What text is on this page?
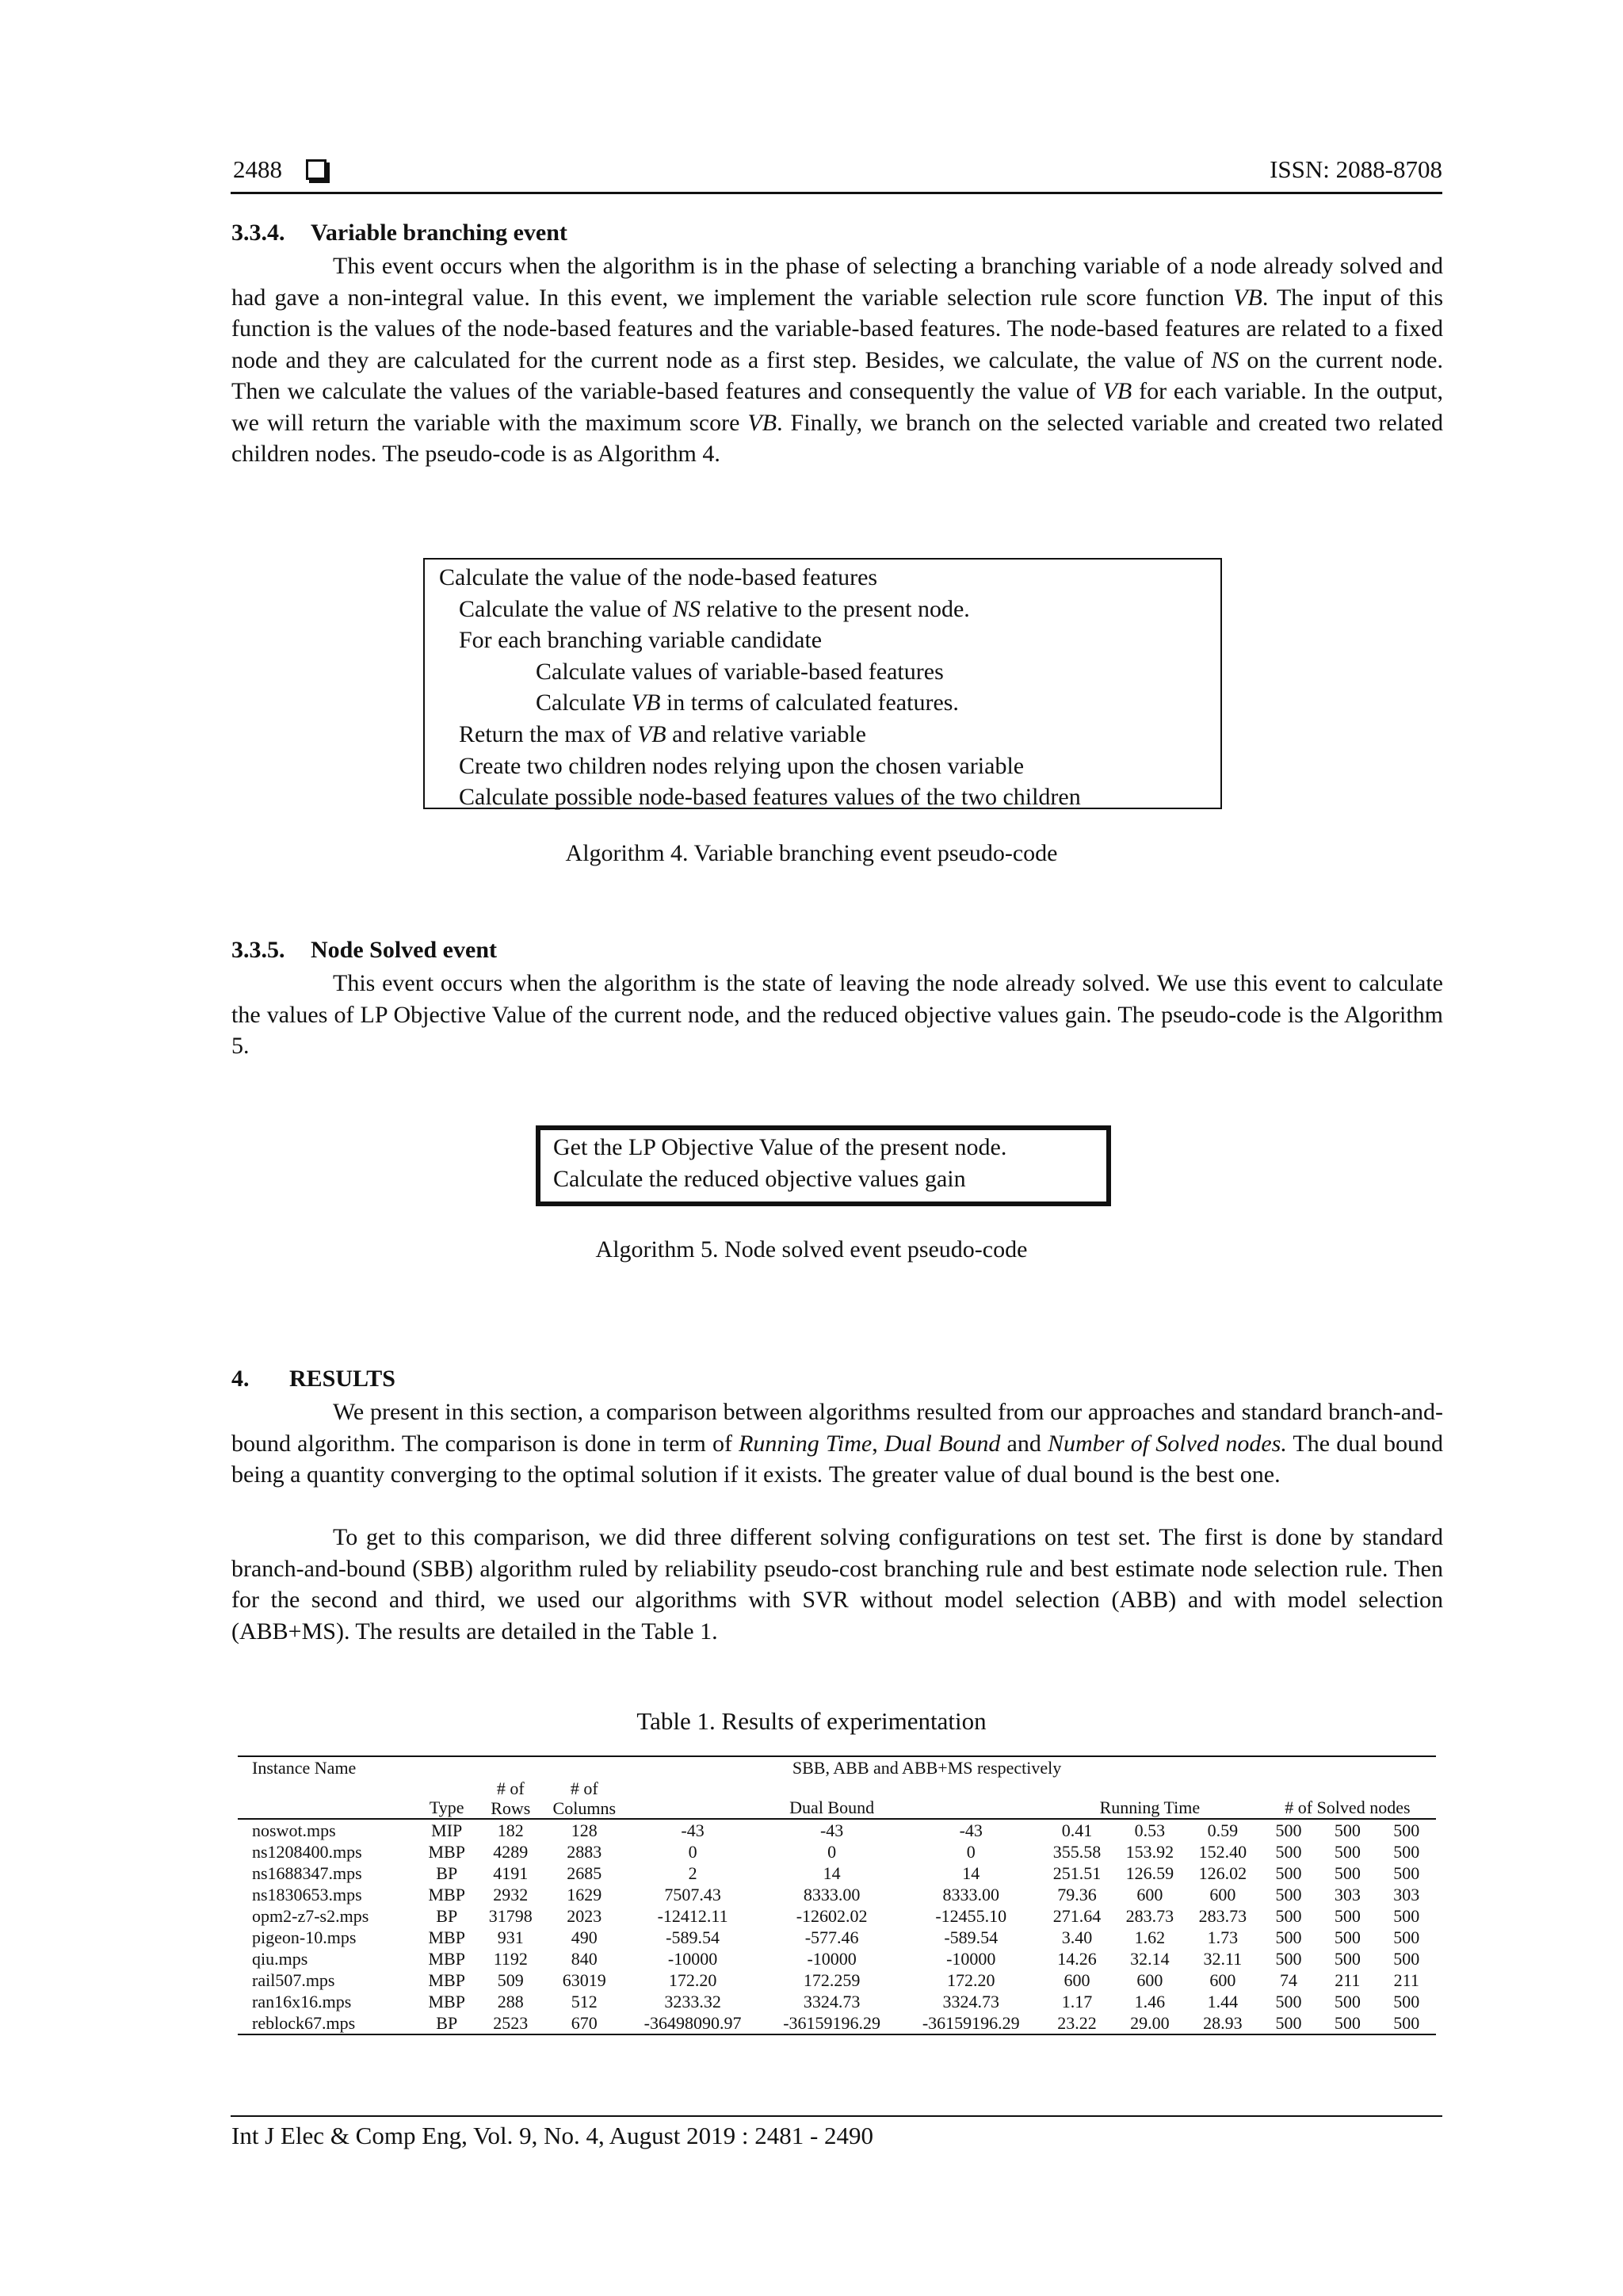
2488	ISSN: 2088-8708
3.3.4. Variable branching event
This event occurs when the algorithm is in the phase of selecting a branching variable of a node already solved and had gave a non-integral value. In this event, we implement the variable selection rule score function VB. The input of this function is the values of the node-based features and the variable-based features. The node-based features are related to a fixed node and they are calculated for the current node as a first step. Besides, we calculate, the value of NS on the current node. Then we calculate the values of the variable-based features and consequently the value of VB for each variable. In the output, we will return the variable with the maximum score VB. Finally, we branch on the selected variable and created two related children nodes. The pseudo-code is as Algorithm 4.
Calculate the value of the node-based features
Calculate the value of NS relative to the present node.
For each branching variable candidate
Calculate values of variable-based features
Calculate VB in terms of calculated features.
Return the max of VB and relative variable
Create two children nodes relying upon the chosen variable
Calculate possible node-based features values of the two children
Algorithm 4. Variable branching event pseudo-code
3.3.5. Node Solved event
This event occurs when the algorithm is the state of leaving the node already solved. We use this event to calculate the values of LP Objective Value of the current node, and the reduced objective values gain. The pseudo-code is the Algorithm 5.
Get the LP Objective Value of the present node.
Calculate the reduced objective values gain
Algorithm 5. Node solved event pseudo-code
4. RESULTS
We present in this section, a comparison between algorithms resulted from our approaches and standard branch-and-bound algorithm. The comparison is done in term of Running Time, Dual Bound and Number of Solved nodes. The dual bound being a quantity converging to the optimal solution if it exists. The greater value of dual bound is the best one.
To get to this comparison, we did three different solving configurations on test set. The first is done by standard branch-and-bound (SBB) algorithm ruled by reliability pseudo-cost branching rule and best estimate node selection rule. Then for the second and third, we used our algorithms with SVR without model selection (ABB) and with model selection (ABB+MS). The results are detailed in the Table 1.
Table 1. Results of experimentation
Instance Name	SBB, ABB and ABB+MS respectively											
	Type	# of Rows	# of Columns	Dual Bound			Running Time			# of Solved nodes		
noswot.mps	MIP	182	128	-43	-43	-43	0.41	0.53	0.59	500	500	500
ns1208400.mps	MBP	4289	2883	0	0	0	355.58	153.92	152.40	500	500	500
ns1688347.mps	BP	4191	2685	2	14	14	251.51	126.59	126.02	500	500	500
ns1830653.mps	MBP	2932	1629	7507.43	8333.00	8333.00	79.36	600	600	500	303	303
opm2-z7-s2.mps	BP	31798	2023	-12412.11	-12602.02	-12455.10	271.64	283.73	283.73	500	500	500
pigeon-10.mps	MBP	931	490	-589.54	-577.46	-589.54	3.40	1.62	1.73	500	500	500
qiu.mps	MBP	1192	840	-10000	-10000	-10000	14.26	32.14	32.11	500	500	500
rail507.mps	MBP	509	63019	172.20	172.259	172.20	600	600	600	74	211	211
ran16x16.mps	MBP	288	512	3233.32	3324.73	3324.73	1.17	1.46	1.44	500	500	500
reblock67.mps	BP	2523	670	-36498090.97	-36159196.29	-36159196.29	23.22	29.00	28.93	500	500	500
Int J Elec & Comp Eng, Vol. 9, No. 4, August 2019 : 2481 - 2490
